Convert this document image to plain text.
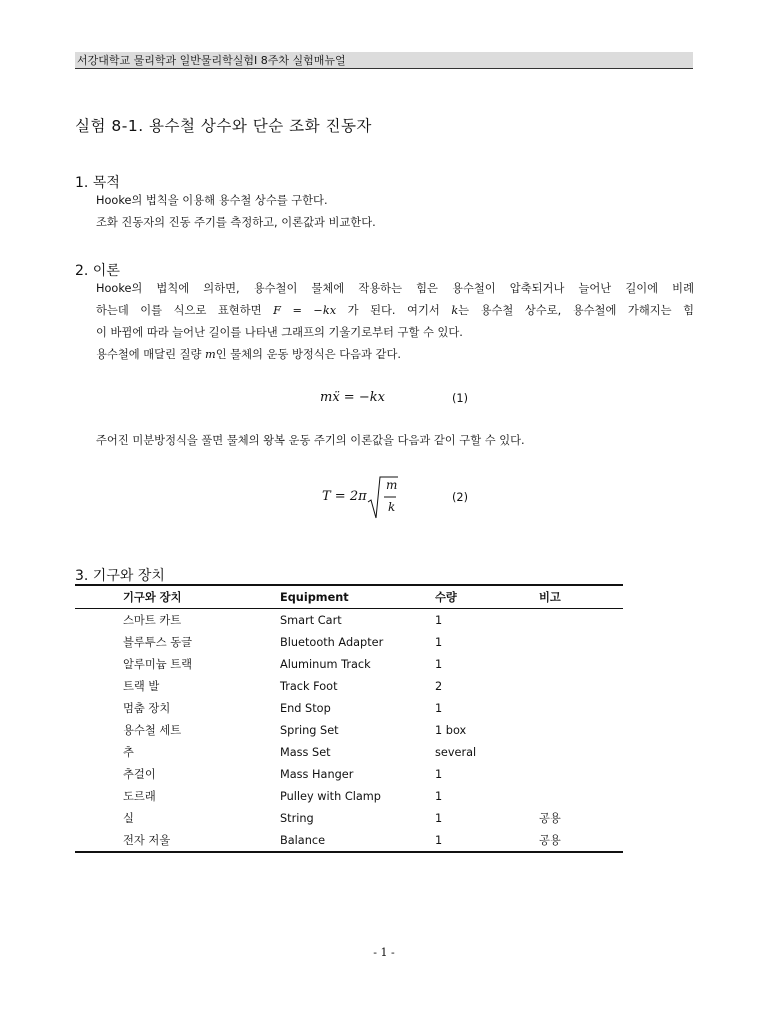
서강대학교 물리학과 일반물리학실험I 8주차 실험매뉴얼
실험 8-1. 용수철 상수와 단순 조화 진동자
1. 목적
Hooke의 법칙을 이용해 용수철 상수를 구한다.
조화 진동자의 진동 주기를 측정하고, 이론값과 비교한다.
2. 이론
Hooke의 법칙에 의하면, 용수철이 물체에 작용하는 힘은 용수철이 압축되거나 늘어난 길이에 비례
하는데 이를 식으로 표현하면 F = −kx 가 된다. 여기서 k는 용수철 상수로, 용수철에 가해지는 힘
이 바뀜에 따라 늘어난 길이를 나타낸 그래프의 기울기로부터 구할 수 있다.
용수철에 매달린 질량 m인 물체의 운동 방정식은 다음과 같다.
mẍ = −kx	(1)
주어진 미분방정식을 풀면 물체의 왕복 운동 주기의 이론값을 다음과 같이 구할 수 있다.
T = 2π
m
k
(2)
3. 기구와 장치
	기구와 장치	Equipment	수량	비고
	스마트 카트	Smart Cart	1	
	블루투스 동글	Bluetooth Adapter	1	
	알루미늄 트랙	Aluminum Track	1	
	트랙 발	Track Foot	2	
	멈춤 장치	End Stop	1	
	용수철 세트	Spring Set	1 box	
	추	Mass Set	several	
	추걸이	Mass Hanger	1	
	도르래	Pulley with Clamp	1	
	실	String	1	공용
	전자 저울	Balance	1	공용
- 1 -
